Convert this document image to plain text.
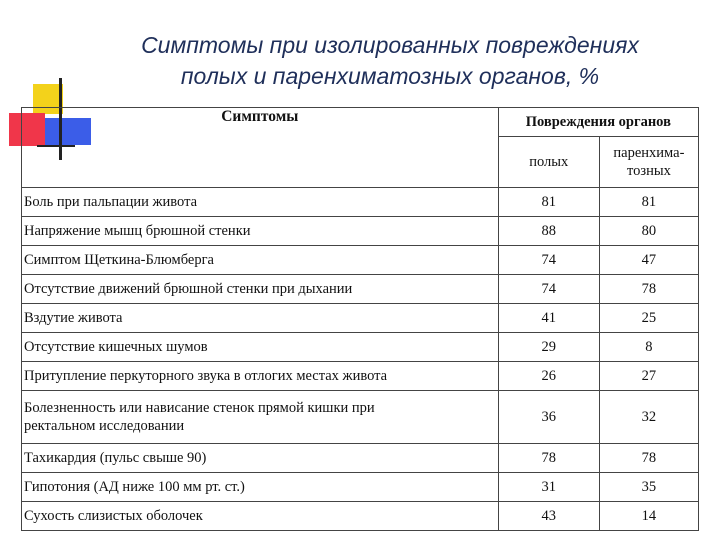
Симптомы при изолированных повреждениях
полых и паренхиматозных органов, %
Симптомы	Повреждения органов	
	полых	паренхима-
тозных
Боль при пальпации живота	81	81
Напряжение мышц брюшной стенки	88	80
Симптом Щеткина-Блюмберга	74	47
Отсутствие движений брюшной стенки при дыхании	74	78
Вздутие живота	41	25
Отсутствие кишечных шумов	29	8
Притупление перкуторного звука в отлогих местах живота	26	27
Болезненность или нависание стенок прямой кишки при
ректальном исследовании	36	32
Тахикардия (пульс свыше 90)	78	78
Гипотония (АД ниже 100 мм рт. ст.)	31	35
Сухость слизистых оболочек	43	14
